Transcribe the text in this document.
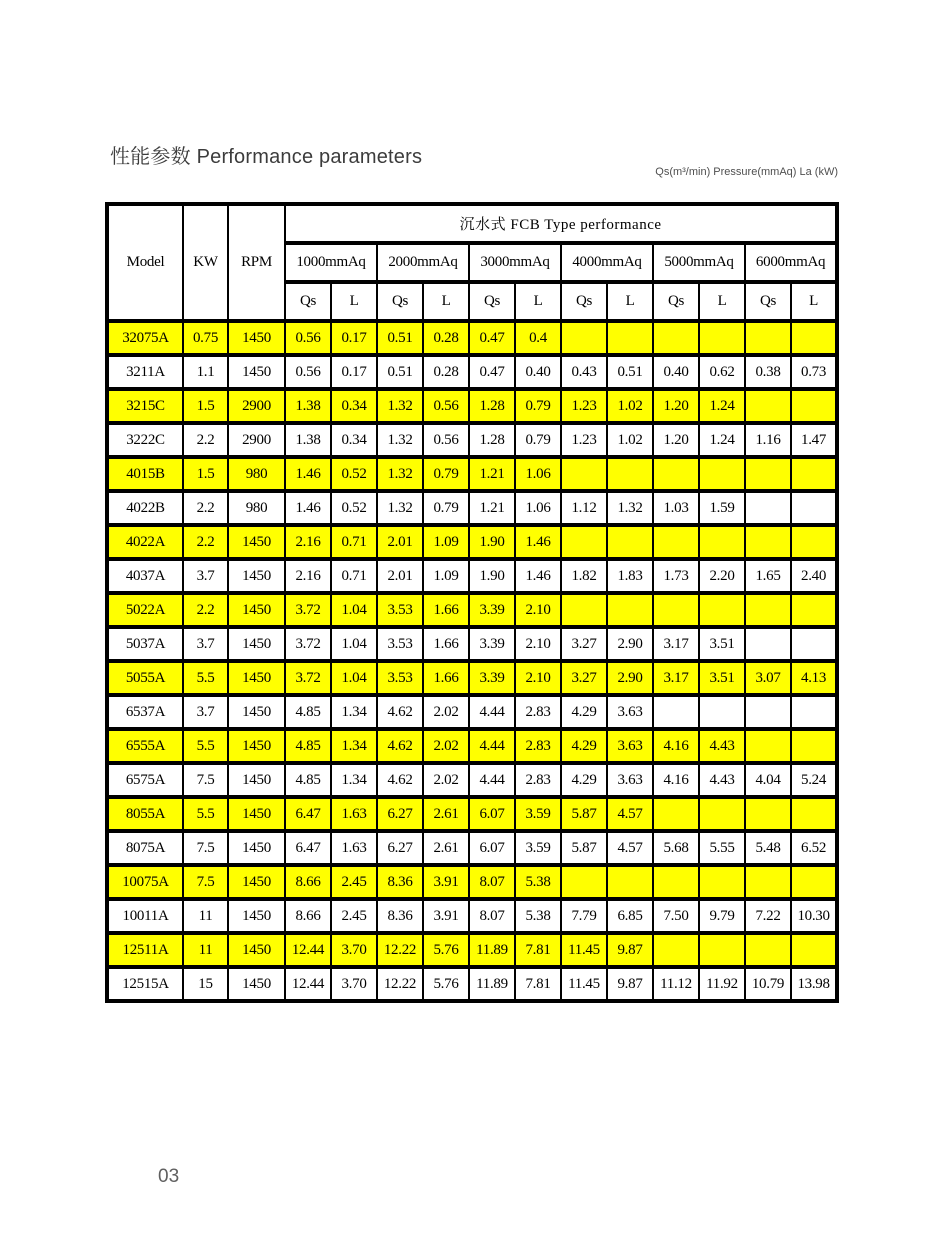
性能参数 Performance parameters
Qs(m³/min) Pressure(mmAq) La (kW)
Model	KW	RPM	沉水式 FCB Type performance											
			1000mmAq		2000mmAq		3000mmAq		4000mmAq		5000mmAq		6000mmAq	
			Qs	L	Qs	L	Qs	L	Qs	L	Qs	L	Qs	L
32075A	0.75	1450	0.56	0.17	0.51	0.28	0.47	0.4						
3211A	1.1	1450	0.56	0.17	0.51	0.28	0.47	0.40	0.43	0.51	0.40	0.62	0.38	0.73
3215C	1.5	2900	1.38	0.34	1.32	0.56	1.28	0.79	1.23	1.02	1.20	1.24		
3222C	2.2	2900	1.38	0.34	1.32	0.56	1.28	0.79	1.23	1.02	1.20	1.24	1.16	1.47
4015B	1.5	980	1.46	0.52	1.32	0.79	1.21	1.06						
4022B	2.2	980	1.46	0.52	1.32	0.79	1.21	1.06	1.12	1.32	1.03	1.59		
4022A	2.2	1450	2.16	0.71	2.01	1.09	1.90	1.46						
4037A	3.7	1450	2.16	0.71	2.01	1.09	1.90	1.46	1.82	1.83	1.73	2.20	1.65	2.40
5022A	2.2	1450	3.72	1.04	3.53	1.66	3.39	2.10						
5037A	3.7	1450	3.72	1.04	3.53	1.66	3.39	2.10	3.27	2.90	3.17	3.51		
5055A	5.5	1450	3.72	1.04	3.53	1.66	3.39	2.10	3.27	2.90	3.17	3.51	3.07	4.13
6537A	3.7	1450	4.85	1.34	4.62	2.02	4.44	2.83	4.29	3.63				
6555A	5.5	1450	4.85	1.34	4.62	2.02	4.44	2.83	4.29	3.63	4.16	4.43		
6575A	7.5	1450	4.85	1.34	4.62	2.02	4.44	2.83	4.29	3.63	4.16	4.43	4.04	5.24
8055A	5.5	1450	6.47	1.63	6.27	2.61	6.07	3.59	5.87	4.57				
8075A	7.5	1450	6.47	1.63	6.27	2.61	6.07	3.59	5.87	4.57	5.68	5.55	5.48	6.52
10075A	7.5	1450	8.66	2.45	8.36	3.91	8.07	5.38						
10011A	11	1450	8.66	2.45	8.36	3.91	8.07	5.38	7.79	6.85	7.50	9.79	7.22	10.30
12511A	11	1450	12.44	3.70	12.22	5.76	11.89	7.81	11.45	9.87				
12515A	15	1450	12.44	3.70	12.22	5.76	11.89	7.81	11.45	9.87	11.12	11.92	10.79	13.98
03
